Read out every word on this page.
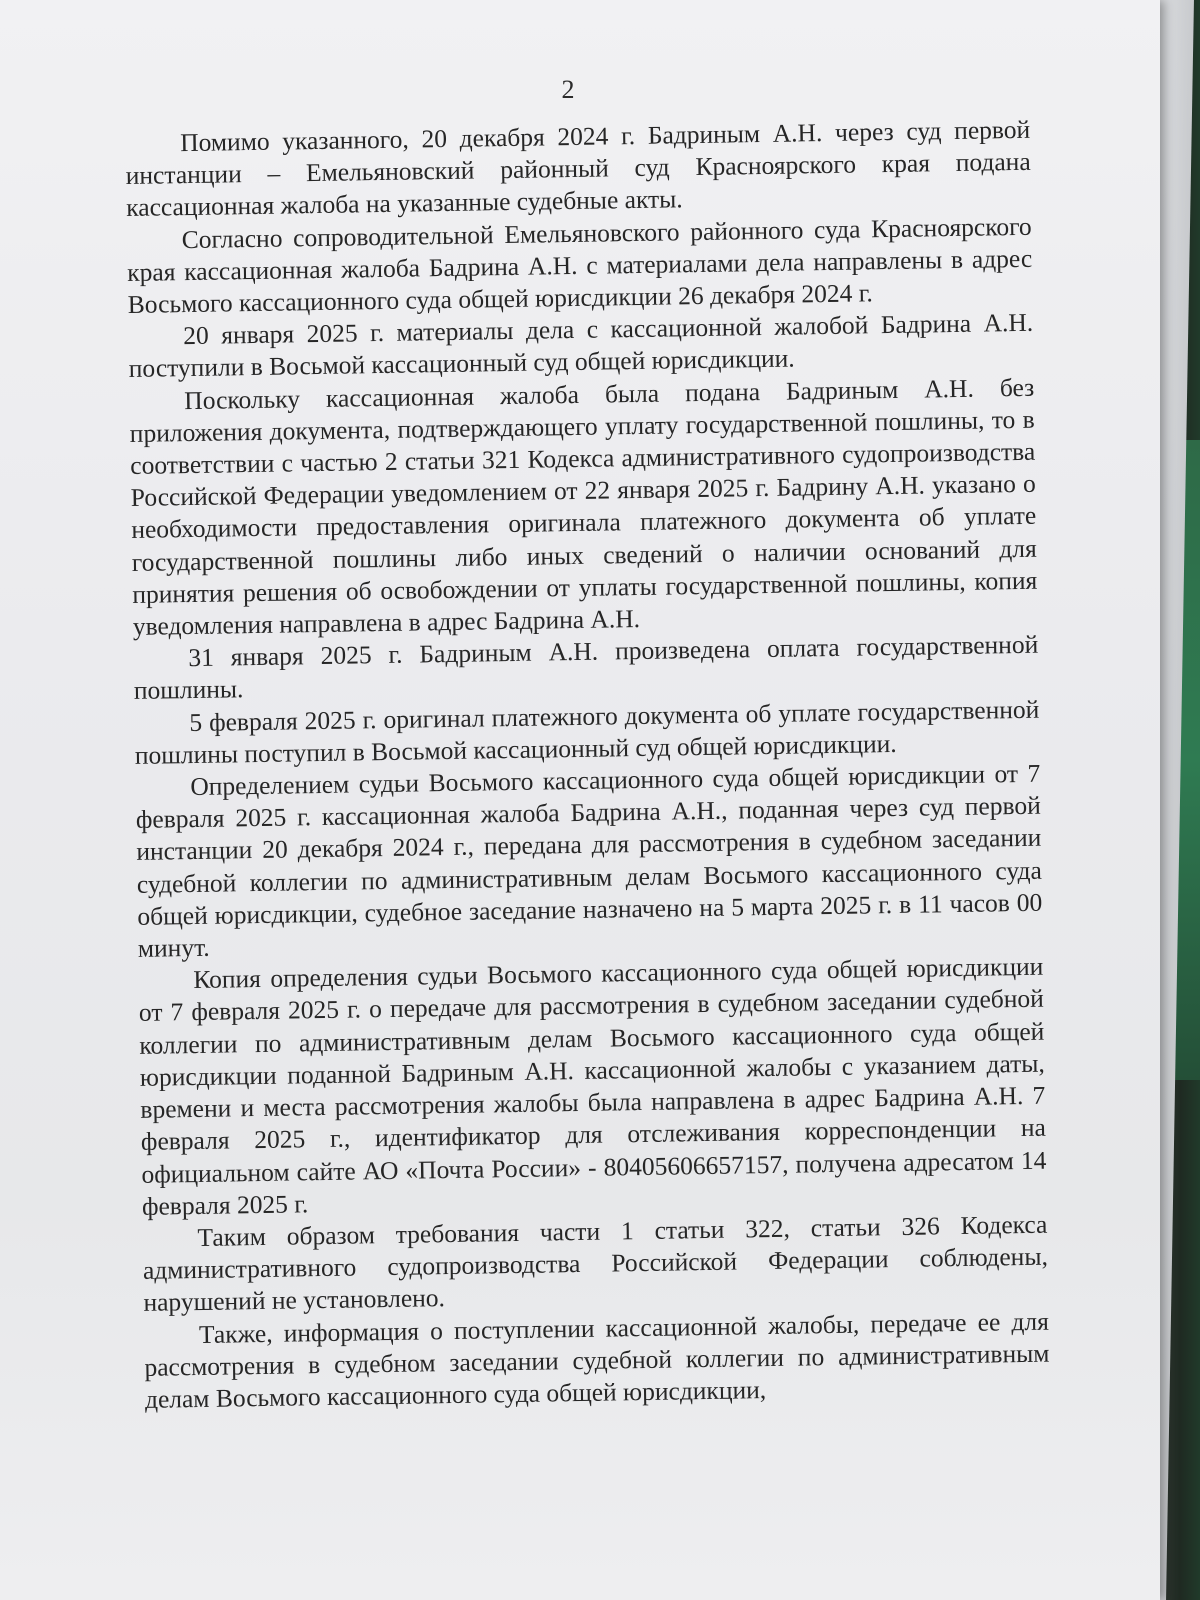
2

Помимо указанного, 20 декабря 2024 г. Бадриным А.Н. через суд первой инстанции – Емельяновский районный суд Красноярского края подана кассационная жалоба на указанные судебные акты.

Согласно сопроводительной Емельяновского районного суда Красноярского края кассационная жалоба Бадрина А.Н. с материалами дела направлены в адрес Восьмого кассационного суда общей юрисдикции 26 декабря 2024 г.

20 января 2025 г. материалы дела с кассационной жалобой Бадрина А.Н. поступили в Восьмой кассационный суд общей юрисдикции.

Поскольку кассационная жалоба была подана Бадриным А.Н. без приложения документа, подтверждающего уплату государственной пошлины, то в соответствии с частью 2 статьи 321 Кодекса административного судопроизводства Российской Федерации уведомлением от 22 января 2025 г. Бадрину А.Н. указано о необходимости предоставления оригинала платежного документа об уплате государственной пошлины либо иных сведений о наличии оснований для принятия решения об освобождении от уплаты государственной пошлины, копия уведомления направлена в адрес Бадрина А.Н.

31 января 2025 г. Бадриным А.Н. произведена оплата государственной пошлины.

5 февраля 2025 г. оригинал платежного документа об уплате государственной пошлины поступил в Восьмой кассационный суд общей юрисдикции.

Определением судьи Восьмого кассационного суда общей юрисдикции от 7 февраля 2025 г. кассационная жалоба Бадрина А.Н., поданная через суд первой инстанции 20 декабря 2024 г., передана для рассмотрения в судебном заседании судебной коллегии по административным делам Восьмого кассационного суда общей юрисдикции, судебное заседание назначено на 5 марта 2025 г. в 11 часов 00 минут.

Копия определения судьи Восьмого кассационного суда общей юрисдикции от 7 февраля 2025 г. о передаче для рассмотрения в судебном заседании судебной коллегии по административным делам Восьмого кассационного суда общей юрисдикции поданной Бадриным А.Н. кассационной жалобы с указанием даты, времени и места рассмотрения жалобы была направлена в адрес Бадрина А.Н. 7 февраля 2025 г., идентификатор для отслеживания корреспонденции на официальном сайте АО «Почта России» - 80405606657157, получена адресатом 14 февраля 2025 г.

Таким образом требования части 1 статьи 322, статьи 326 Кодекса административного судопроизводства Российской Федерации соблюдены, нарушений не установлено.

Также, информация о поступлении кассационной жалобы, передаче ее для рассмотрения в судебном заседании судебной коллегии по административным делам Восьмого кассационного суда общей юрисдикции,
